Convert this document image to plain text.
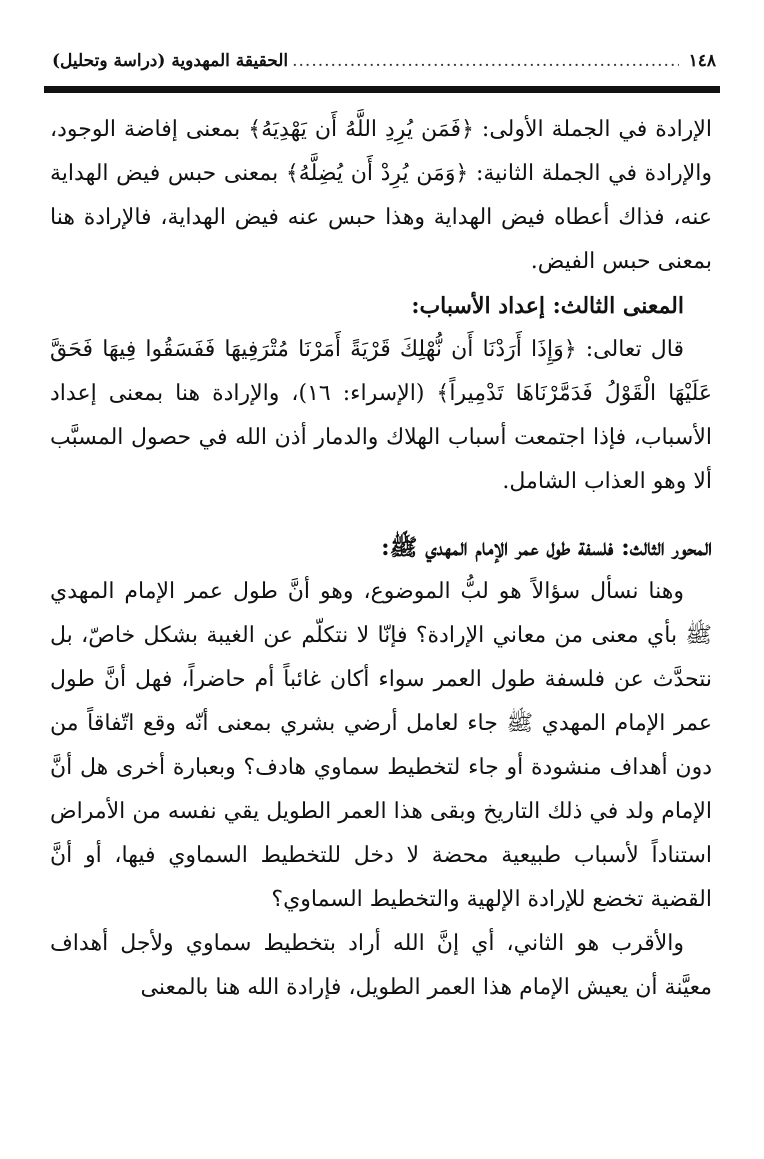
١٤٨
.....
الحقيقة المهدوية (دراسة وتحليل)

الإرادة في الجملة الأولى: ﴿فَمَن يُرِدِ اللَّهُ أَن يَهْدِيَهُ﴾ بمعنى إفاضة الوجود، والإرادة في الجملة الثانية: ﴿وَمَن يُرِدْ أَن يُضِلَّهُ﴾ بمعنى حبس فيض الهداية عنه، فذاك أعطاه فيض الهداية وهذا حبس عنه فيض الهداية، فالإرادة هنا بمعنى حبس الفيض.

المعنى الثالث: إعداد الأسباب:

قال تعالى: ﴿وَإِذَا أَرَدْنَا أَن نُّهْلِكَ قَرْيَةً أَمَرْنَا مُتْرَفِيهَا فَفَسَقُوا فِيهَا فَحَقَّ عَلَيْهَا الْقَوْلُ فَدَمَّرْنَاهَا تَدْمِيراً﴾ (الإسراء: ١٦)، والإرادة هنا بمعنى إعداد الأسباب، فإذا اجتمعت أسباب الهلاك والدمار أذن الله في حصول المسبَّب ألا وهو العذاب الشامل.

المحور الثالث: فلسفة طول عمر الإمام المهدي ﷺ:

وهنا نسأل سؤالاً هو لبُّ الموضوع، وهو أنَّ طول عمر الإمام المهدي ﷺ بأي معنى من معاني الإرادة؟ فإنّا لا نتكلّم عن الغيبة بشكل خاصّ، بل نتحدَّث عن فلسفة طول العمر سواء أكان غائباً أم حاضراً، فهل أنَّ طول عمر الإمام المهدي ﷺ جاء لعامل أرضي بشري بمعنى أنّه وقع اتّفاقاً من دون أهداف منشودة أو جاء لتخطيط سماوي هادف؟ وبعبارة أخرى هل أنَّ الإمام ولد في ذلك التاريخ وبقى هذا العمر الطويل يقي نفسه من الأمراض استناداً لأسباب طبيعية محضة لا دخل للتخطيط السماوي فيها، أو أنَّ القضية تخضع للإرادة الإلهية والتخطيط السماوي؟

والأقرب هو الثاني، أي إنَّ الله أراد بتخطيط سماوي ولأجل أهداف معيَّنة أن يعيش الإمام هذا العمر الطويل، فإرادة الله هنا بالمعنى
